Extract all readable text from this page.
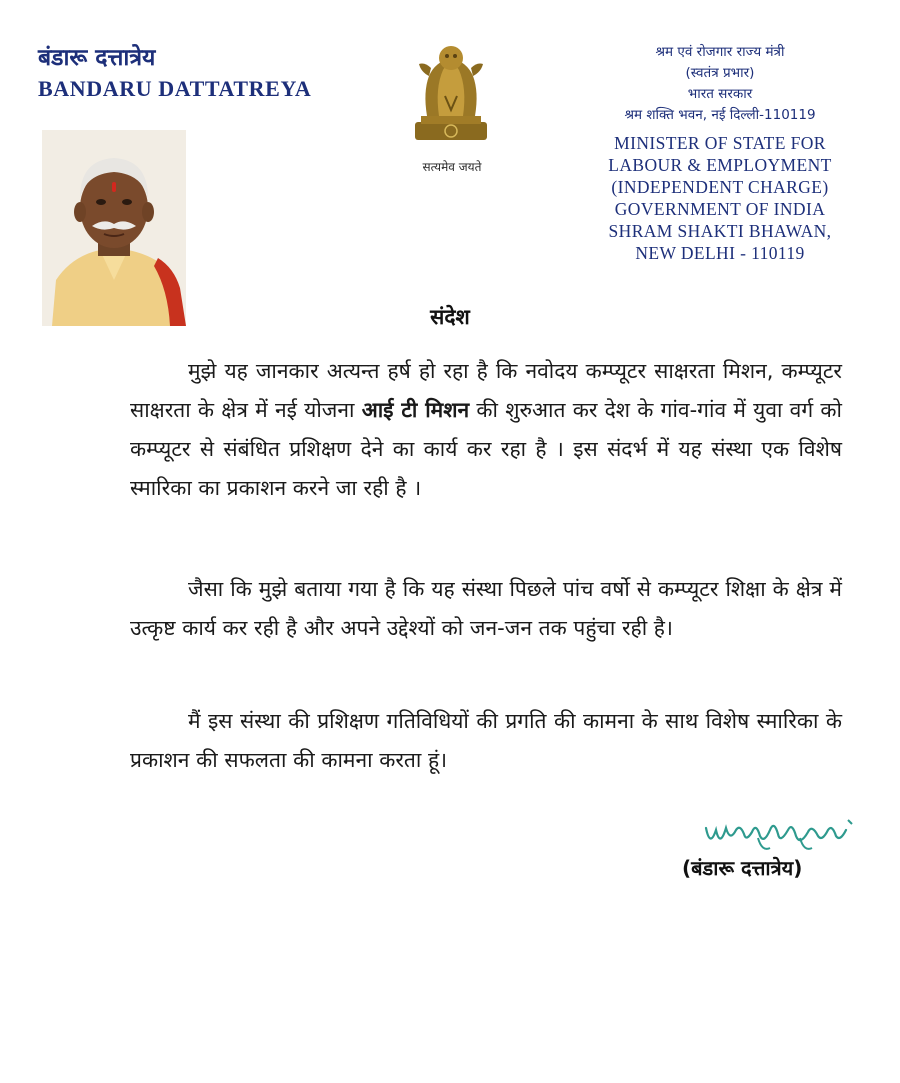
बंडारू दत्तात्रेय
BANDARU DATTATREYA
सत्यमेव जयते
श्रम एवं रोजगार राज्य मंत्री
(स्वतंत्र प्रभार)
भारत सरकार
श्रम शक्ति भवन, नई दिल्ली-110119
MINISTER OF STATE FOR
LABOUR & EMPLOYMENT
(INDEPENDENT CHARGE)
GOVERNMENT OF INDIA
SHRAM SHAKTI BHAWAN,
NEW DELHI - 110119
संदेश
मुझे यह जानकार अत्यन्त हर्ष हो रहा है कि नवोदय कम्प्यूटर साक्षरता मिशन, कम्प्यूटर साक्षरता के क्षेत्र में नई योजना आई टी मिशन की शुरुआत कर देश के गांव-गांव में युवा वर्ग को कम्प्यूटर से संबंधित प्रशिक्षण देने का कार्य कर रहा है । इस संदर्भ में यह संस्था एक विशेष स्मारिका का प्रकाशन करने जा रही है ।
जैसा कि मुझे बताया गया है कि यह संस्था पिछले पांच वर्षो से कम्प्यूटर शिक्षा के क्षेत्र में उत्कृष्ट कार्य कर रही है और अपने उद्देश्यों को जन-जन तक पहुंचा रही है।
मैं इस संस्था की प्रशिक्षण गतिविधियों की प्रगति की कामना के साथ विशेष स्मारिका के प्रकाशन की सफलता की कामना करता हूं।
(बंडारू दत्तात्रेय)
